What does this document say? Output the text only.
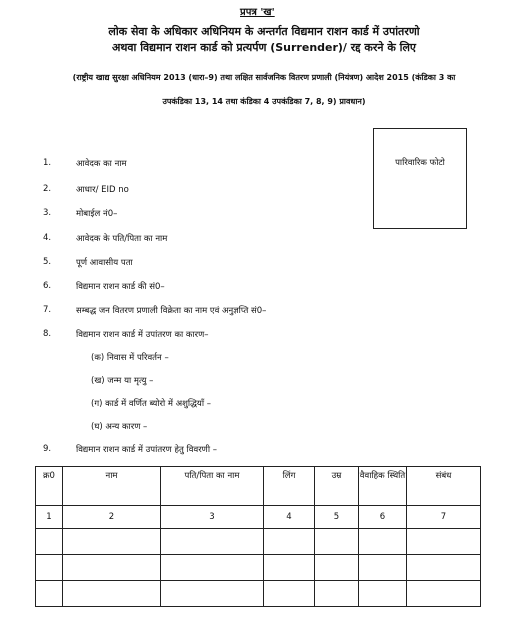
प्रपत्र 'ख'
लोक सेवा के अधिकार अधिनियम के अन्तर्गत विद्यमान राशन कार्ड में उपांतरणो
अथवा विद्यमान राशन कार्ड को प्रत्यर्पण (Surrender)/ रद्द करने के लिए
(राष्ट्रीय खाद्य सुरक्षा अधिनियम 2013 (धारा–9) तथा लक्षित सार्वजनिक वितरण प्रणाली (नियंत्रण) आदेश 2015 (कंडिका 3 का
उपकंडिका 13, 14 तथा कंडिका 4 उपकंडिका 7, 8, 9) प्रावधान)
पारिवारिक फोटो
1.	आवेदक का नाम
2.	आधार/ EID no
3.	मोबाईल नं0–
4.	आवेदक के पति/पिता का नाम
5.	पूर्ण आवासीय पता
6.	विद्यमान राशन कार्ड की सं0–
7.	सम्बद्ध जन वितरण प्रणाली विक्रेता का नाम एवं अनुज्ञप्ति सं0–
8.	विद्यमान राशन कार्ड में उपांतरण का कारण–
(क) निवास में परिवर्तन –
(ख) जन्म या मृत्यु –
(ग) कार्ड में वर्णित ब्योरो में अशुद्धियाँ –
(घ) अन्य कारण –
9.	विद्यमान राशन कार्ड में उपांतरण हेतु विवरणी –
क्र0	नाम	पति/पिता का नाम	लिंग	उम्र	वैवाहिक स्थिति	संबंध
1	2	3	4	5	6	7
